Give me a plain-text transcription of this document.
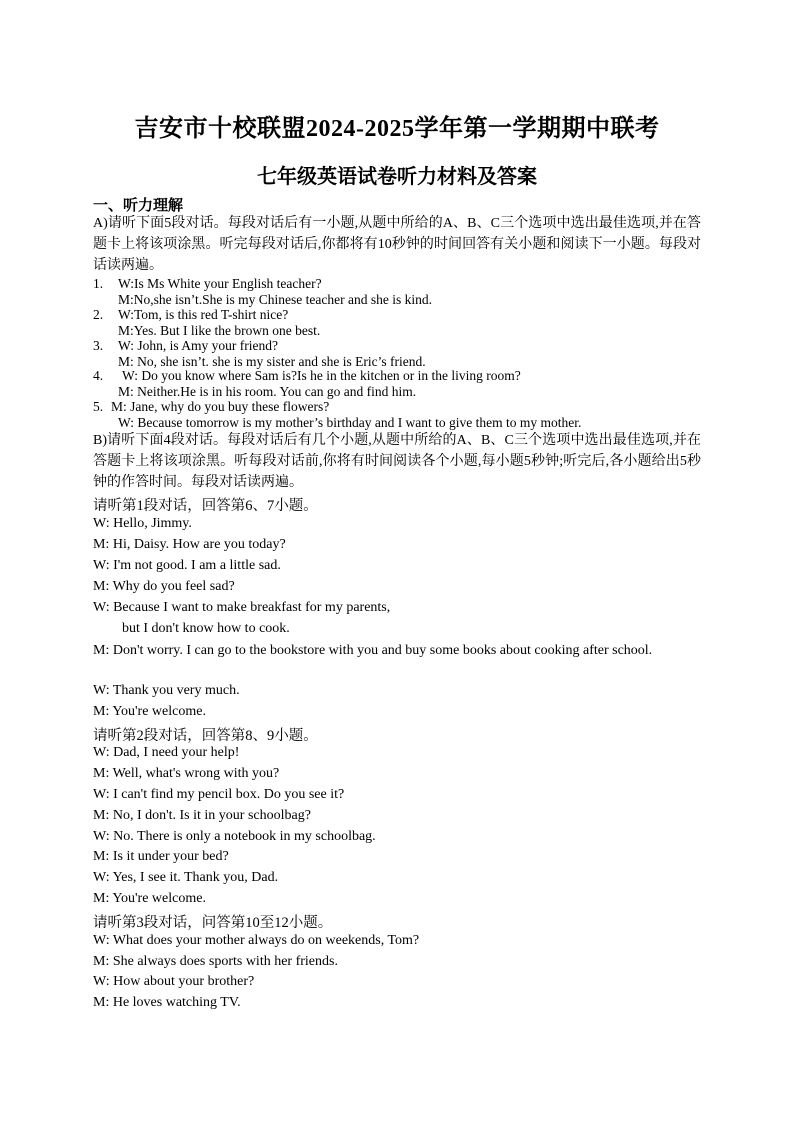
吉安市十校联盟2024-2025学年第一学期期中联考
七年级英语试卷听力材料及答案
一、听力理解
A)请听下面5段对话。每段对话后有一小题,从题中所给的A、B、C三个选项中选出最佳选项,并在答题卡上将该项涂黑。听完每段对话后,你都将有10秒钟的时间回答有关小题和阅读下一小题。每段对话读两遍。
1. W:Is Ms White your English teacher?
M:No,she isn’t.She is my Chinese teacher and she is kind.
2. W:Tom, is this red T-shirt nice?
M:Yes. But I like the brown one best.
3. W: John, is Amy your friend?
M: No, she isn’t. she is my sister and she is Eric’s friend.
4. W: Do you know where Sam is?Is he in the kitchen or in the living room?
M: Neither.He is in his room. You can go and find him.
5. M: Jane, why do you buy these flowers?
W: Because tomorrow is my mother’s birthday and I want to give them to my mother.
B)请听下面4段对话。每段对话后有几个小题,从题中所给的A、B、C三个选项中选出最佳选项,并在答题卡上将该项涂黑。听每段对话前,你将有时间阅读各个小题,每小题5秒钟;听完后,各小题给出5秒钟的作答时间。每段对话读两遍。
请听第1段对话，回答第6、7小题。
W: Hello, Jimmy.
M: Hi, Daisy. How are you today?
W: I'm not good. I am a little sad.
M: Why do you feel sad?
W: Because I want to make breakfast for my parents,
but I don't know how to cook.
M: Don't worry. I can go to the bookstore with you and buy some books about cooking after school.
W: Thank you very much.
M: You're welcome.
请听第2段对话，回答第8、9小题。
W: Dad, I need your help!
M: Well, what's wrong with you?
W: I can't find my pencil box. Do you see it?
M: No, I don't. Is it in your schoolbag?
W: No. There is only a notebook in my schoolbag.
M: Is it under your bed?
W: Yes, I see it. Thank you, Dad.
M: You're welcome.
请听第3段对话，问答第10至12小题。
W: What does your mother always do on weekends, Tom?
M: She always does sports with her friends.
W: How about your brother?
M: He loves watching TV.
